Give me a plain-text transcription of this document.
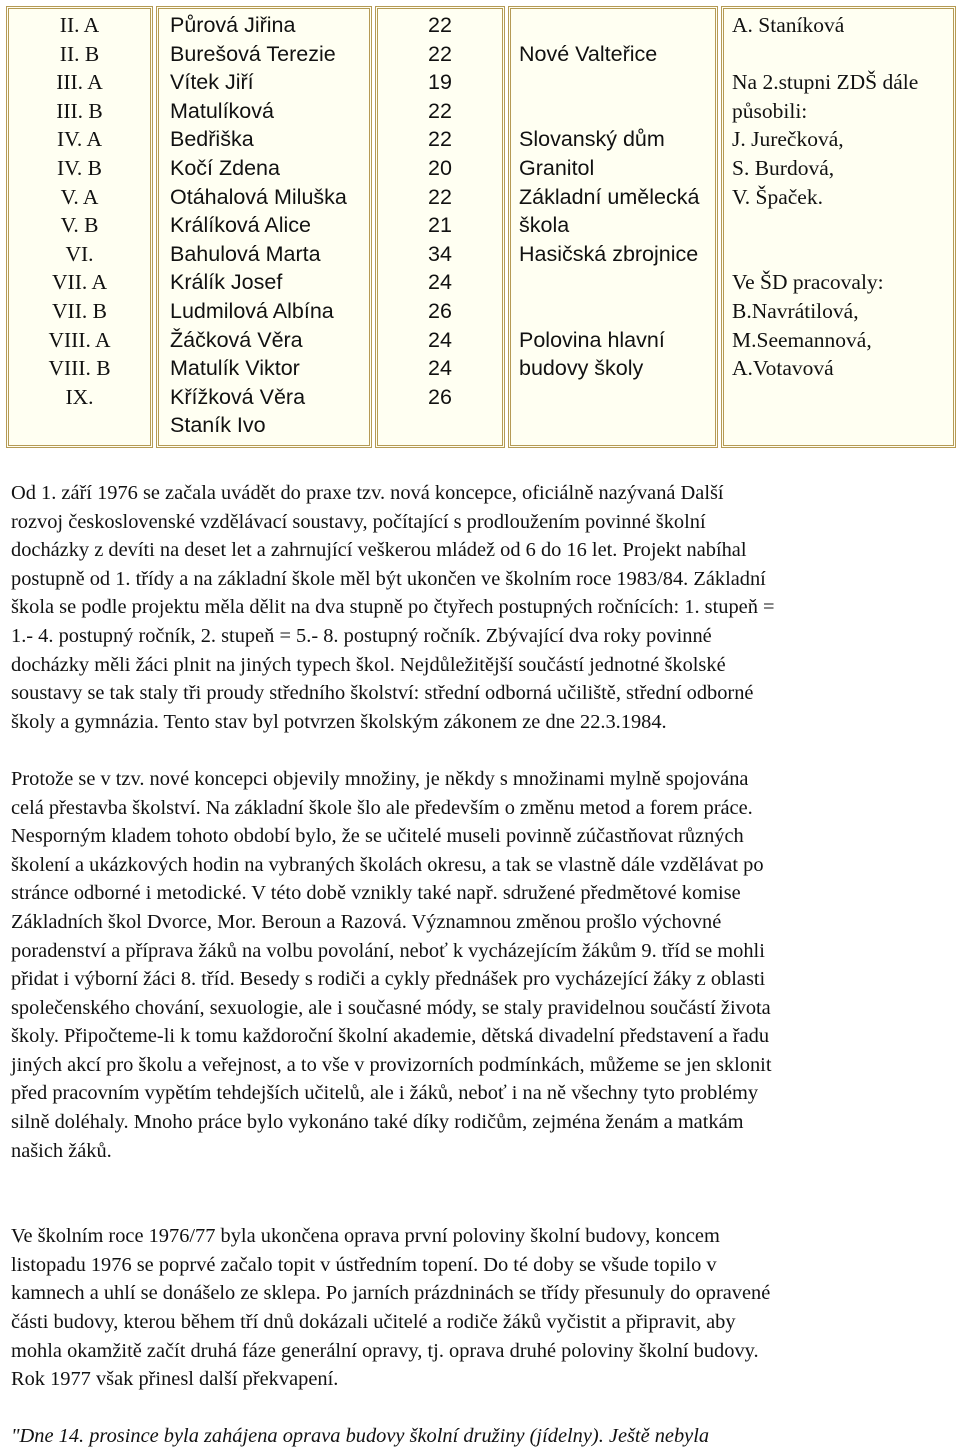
II. A
II. B
III. A
III. B
IV. A
IV. B
V. A
V. B
VI.
VII. A
VII. B
VIII. A
VIII. B
IX.
Půrová Jiřina
Burešová Terezie
Vítek Jiří
Matulíková
Bedřiška
Kočí Zdena
Otáhalová Miluška
Králíková Alice
Bahulová Marta
Králík Josef
Ludmilová Albína
Žáčková Věra
Matulík Viktor
Křížková Věra
Staník Ivo
22
22
19
22
22
20
22
21
34
24
26
24
24
26
Nové Valteřice
Slovanský dům
Granitol
Základní umělecká
škola
Hasičská zbrojnice
Polovina hlavní
budovy školy
A. Staníková
Na 2.stupni ZDŠ dále
působili:
J. Jurečková,
S. Burdová,
V. Špaček.
Ve ŠD pracovaly:
B.Navrátilová,
M.Seemannová,
A.Votavová

Od 1. září 1976 se začala uvádět do praxe tzv. nová koncepce, oficiálně nazývaná Další
rozvoj československé vzdělávací soustavy, počítající s prodloužením povinné školní
docházky z devíti na deset let a zahrnující veškerou mládež od 6 do 16 let. Projekt nabíhal
postupně od 1. třídy a na základní škole měl být ukončen ve školním roce 1983/84. Základní
škola se podle projektu měla dělit na dva stupně po čtyřech postupných ročnících: 1. stupeň =
1.- 4. postupný ročník, 2. stupeň = 5.- 8. postupný ročník. Zbývající dva roky povinné
docházky měli žáci plnit na jiných typech škol. Nejdůležitější součástí jednotné školské
soustavy se tak staly tři proudy středního školství: střední odborná učiliště, střední odborné
školy a gymnázia. Tento stav byl potvrzen školským zákonem ze dne 22.3.1984.

Protože se v tzv. nové koncepci objevily množiny, je někdy s množinami mylně spojována
celá přestavba školství. Na základní škole šlo ale především o změnu metod a forem práce.
Nesporným kladem tohoto období bylo, že se učitelé museli povinně zúčastňovat různých
školení a ukázkových hodin na vybraných školách okresu, a tak se vlastně dále vzdělávat po
stránce odborné i metodické. V této době vznikly také např. sdružené předmětové komise
Základních škol Dvorce, Mor. Beroun a Razová. Významnou změnou prošlo výchovné
poradenství a příprava žáků na volbu povolání, neboť k vycházejícím žákům 9. tříd se mohli
přidat i výborní žáci 8. tříd. Besedy s rodiči a cykly přednášek pro vycházející žáky z oblasti
společenského chování, sexuologie, ale i současné módy, se staly pravidelnou součástí života
školy. Připočteme-li k tomu každoroční školní akademie, dětská divadelní představení a řadu
jiných akcí pro školu a veřejnost, a to vše v provizorních podmínkách, můžeme se jen sklonit
před pracovním vypětím tehdejších učitelů, ale i žáků, neboť i na ně všechny tyto problémy
silně doléhaly. Mnoho práce bylo vykonáno také díky rodičům, zejména ženám a matkám
našich žáků.

Ve školním roce 1976/77 byla ukončena oprava první poloviny školní budovy, koncem
listopadu 1976 se poprvé začalo topit v ústředním topení. Do té doby se všude topilo v
kamnech a uhlí se donášelo ze sklepa. Po jarních prázdninách se třídy přesunuly do opravené
části budovy, kterou během tří dnů dokázali učitelé a rodiče žáků vyčistit a připravit, aby
mohla okamžitě začít druhá fáze generální opravy, tj. oprava druhé poloviny školní budovy.
Rok 1977 však přinesl další překvapení.

"Dne 14. prosince byla zahájena oprava budovy školní družiny (jídelny). Ještě nebyla
